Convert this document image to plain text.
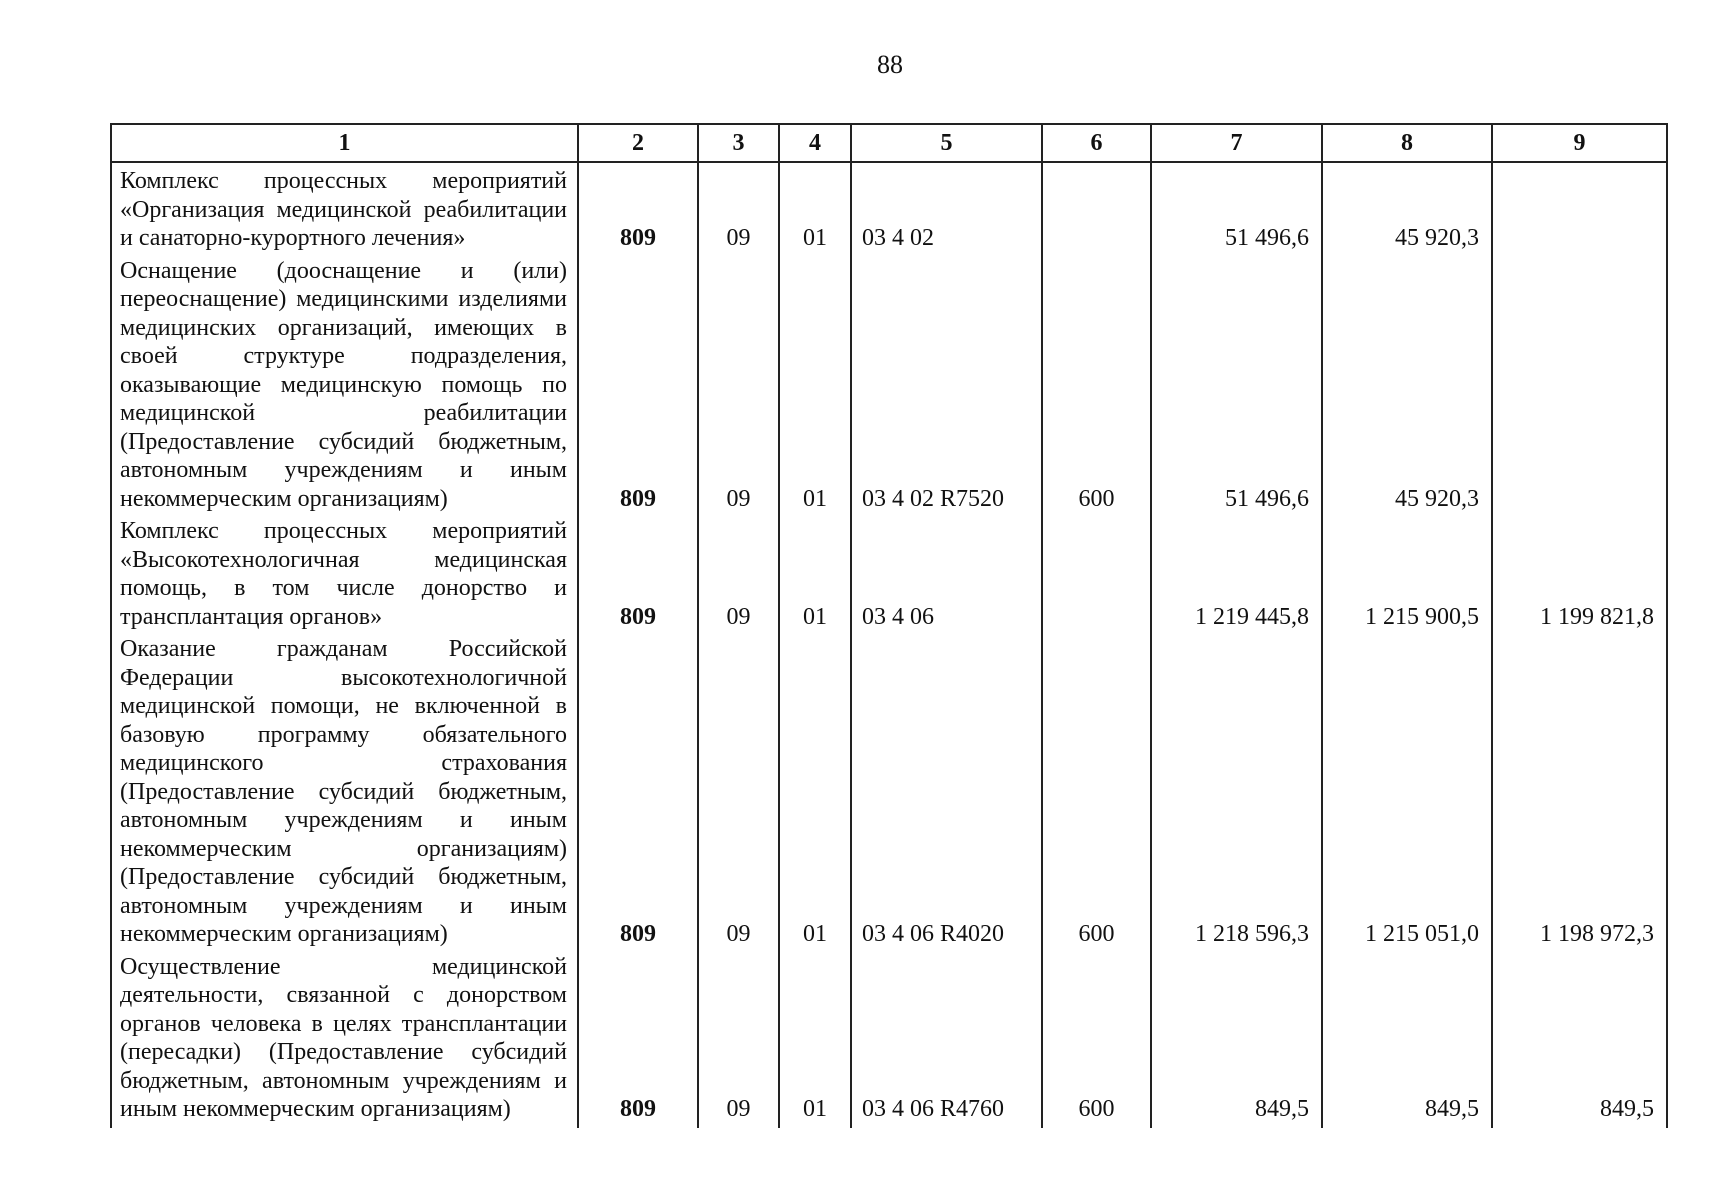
88
1	2	3	4	5	6	7	8	9
Комплекс процессных мероприятий «Организация медицинской реабилитации и санаторно-курортного лечения»	809	09	01	03 4 02		51 496,6	45 920,3	
Оснащение (дооснащение и (или) переоснащение) медицинскими изделиями медицинских организаций, имеющих в своей структуре подразделения, оказывающие медицинскую помощь по медицинской реабилитации (Предоставление субсидий бюджетным, автономным учреждениям и иным некоммерческим организациям)	809	09	01	03 4 02 R7520	600	51 496,6	45 920,3	
Комплекс процессных мероприятий «Высокотехнологичная медицинская помощь, в том числе донорство и трансплантация органов»	809	09	01	03 4 06		1 219 445,8	1 215 900,5	1 199 821,8
Оказание гражданам Российской Федерации высокотехнологичной медицинской помощи, не включенной в базовую программу обязательного медицинского страхования (Предоставление субсидий бюджетным, автономным учреждениям и иным некоммерческим организациям) (Предоставление субсидий бюджетным, автономным учреждениям и иным некоммерческим организациям)	809	09	01	03 4 06 R4020	600	1 218 596,3	1 215 051,0	1 198 972,3
Осуществление медицинской деятельности, связанной с донорством органов человека в целях трансплантации (пересадки) (Предоставление субсидий бюджетным, автономным учреждениям и иным некоммерческим организациям)	809	09	01	03 4 06 R4760	600	849,5	849,5	849,5
